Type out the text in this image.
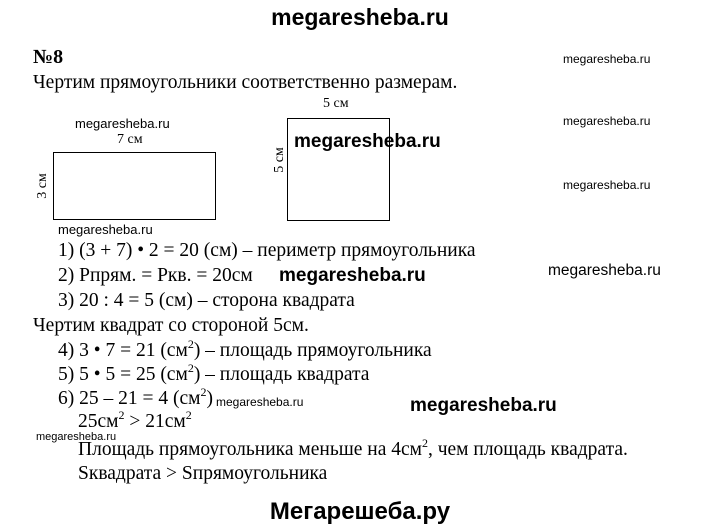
megaresheba.ru
№8	megaresheba.ru
Чертим прямоугольники соответственно размерам.
megaresheba.ru
7 см
3 см
5 см
5 см
megaresheba.ru
megaresheba.ru
megaresheba.ru
megaresheba.ru
1) (3 + 7) • 2 = 20 (см) – периметр прямоугольника
2) Рпрям. = Ркв. = 20см megaresheba.ru	megaresheba.ru
3) 20 : 4 = 5 (см) – сторона квадрата
Чертим квадрат со стороной 5см.
4) 3 • 7 = 21 $(см^2)$ – площадь прямоугольника
5) 5 • 5 = 25 $(см^2)$ – площадь квадрата
6) 25 – 21 = 4 $(см^2)$ megaresheba.ru	megaresheba.ru
$25см^2 > 21см^2$
megaresheba.ru
Площадь прямоугольника меньше на $4см^2$, чем площадь квадрата.
Sквадрата > Sпрямоугольника
Мегарешеба.ру
